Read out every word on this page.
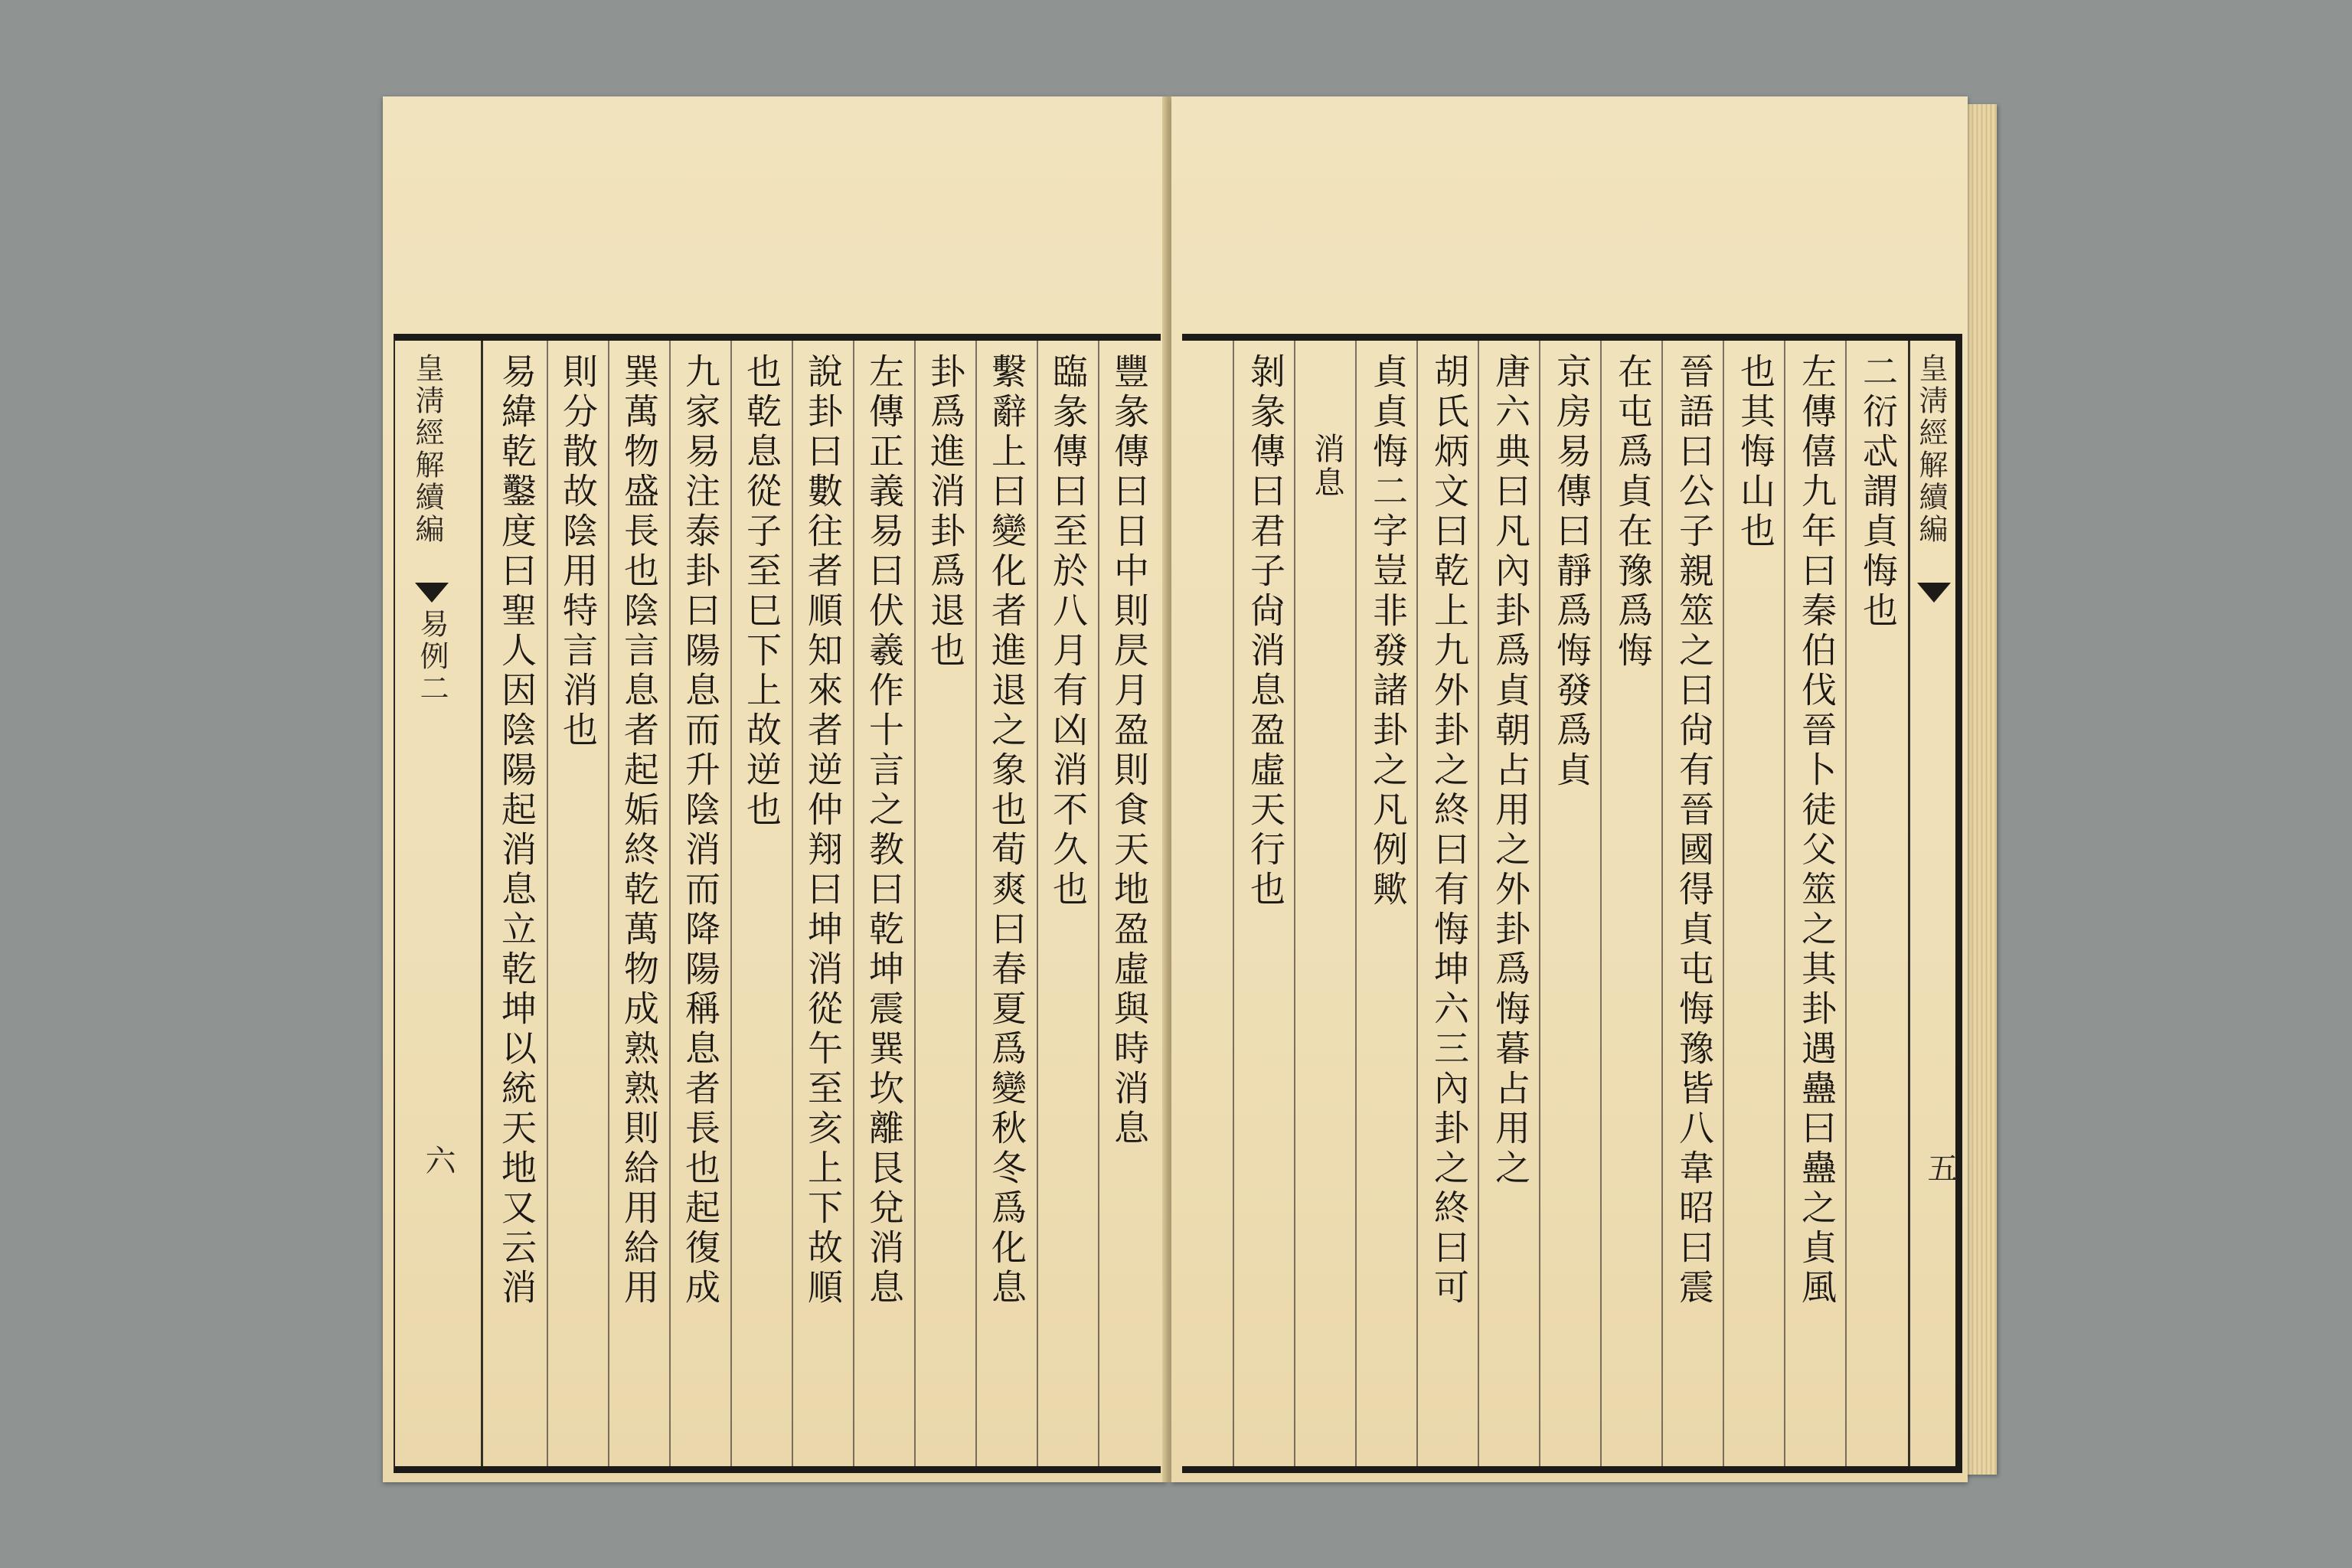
豐彖傳曰日中則昃月盈則食天地盈虛與時消息
臨彖傳曰至於八月有凶消不久也
繫辭上曰變化者進退之象也荀爽曰春夏爲變秋冬爲化息
卦爲進消卦爲退也
左傳正義易曰伏羲作十言之教曰乾坤震巽坎離艮兌消息
說卦曰數往者順知來者逆仲翔曰坤消從午至亥上下故順
也乾息從子至巳下上故逆也
九家易注泰卦曰陽息而升陰消而降陽稱息者長也起復成
巽萬物盛長也陰言息者起姤終乾萬物成熟熟則給用給用
則分散故陰用特言消也
易緯乾鑿度曰聖人因陰陽起消息立乾坤以統天地又云消
皇淸經解續編
易例二
六
皇淸經解續編
五
二衍忒謂貞悔也
左傳僖九年曰秦伯伐晉卜徒父筮之其卦遇蠱曰蠱之貞風
也其悔山也
晉語曰公子親筮之曰尙有晉國得貞屯悔豫皆八韋昭曰震
在屯爲貞在豫爲悔
京房易傳曰靜爲悔發爲貞
唐六典曰凡內卦爲貞朝占用之外卦爲悔暮占用之
胡氏炳文曰乾上九外卦之終曰有悔坤六三內卦之終曰可
貞貞悔二字豈非發諸卦之凡例歟
消息
剝彖傳曰君子尙消息盈虛天行也
